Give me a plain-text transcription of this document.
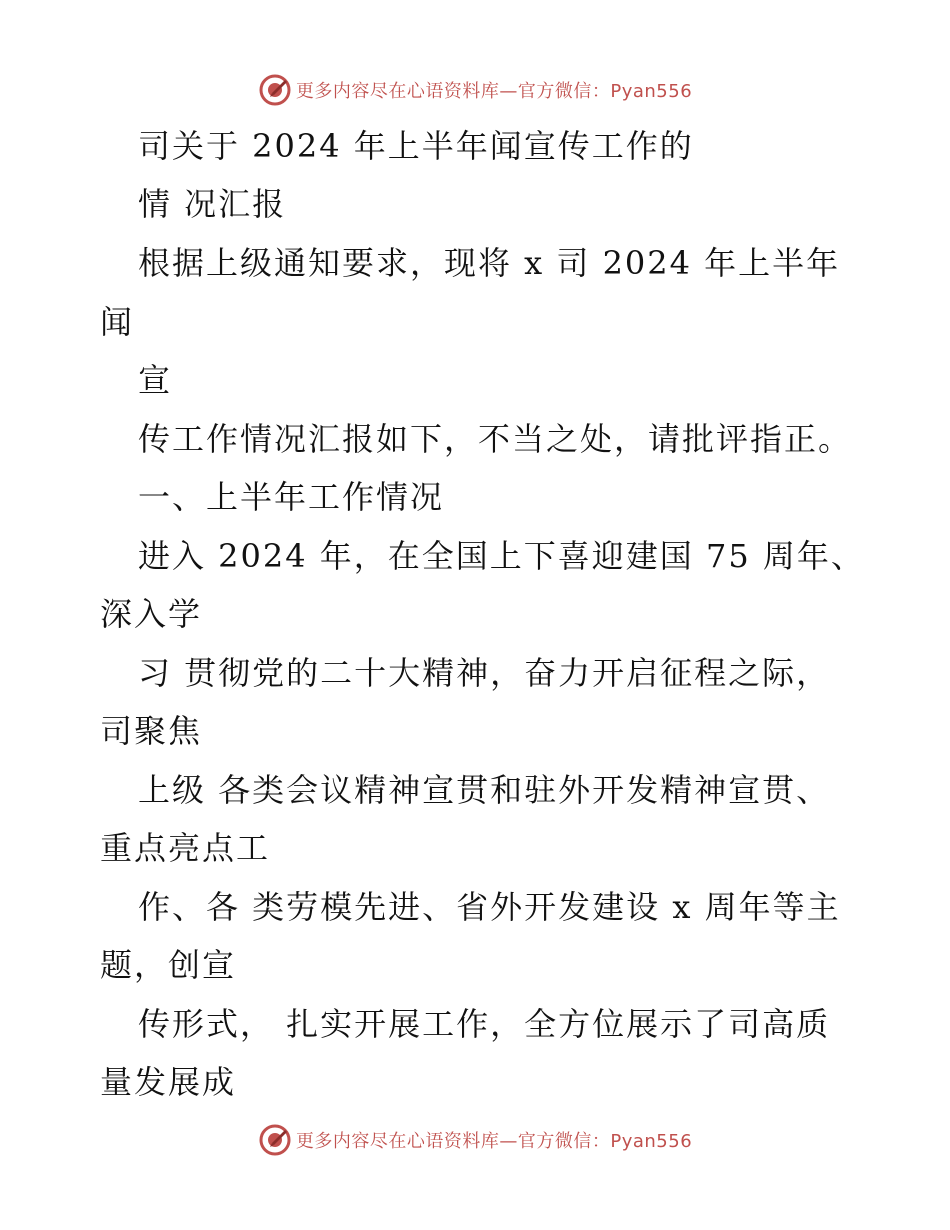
更多内容尽在心语资料库—官方微信：Pyan556
司关于 2024 年上半年闻宣传工作的
情 况汇报
根据上级通知要求，现将 x 司 2024 年上半年
闻
宣
传工作情况汇报如下，不当之处，请批评指正。
一、上半年工作情况
进入 2024 年，在全国上下喜迎建国 75 周年、
深入学
习 贯彻党的二十大精神，奋力开启征程之际，
司聚焦
上级 各类会议精神宣贯和驻外开发精神宣贯、
重点亮点工
作、各 类劳模先进、省外开发建设 x 周年等主
题，创宣
传形式， 扎实开展工作，全方位展示了司高质
量发展成
更多内容尽在心语资料库—官方微信：Pyan556
